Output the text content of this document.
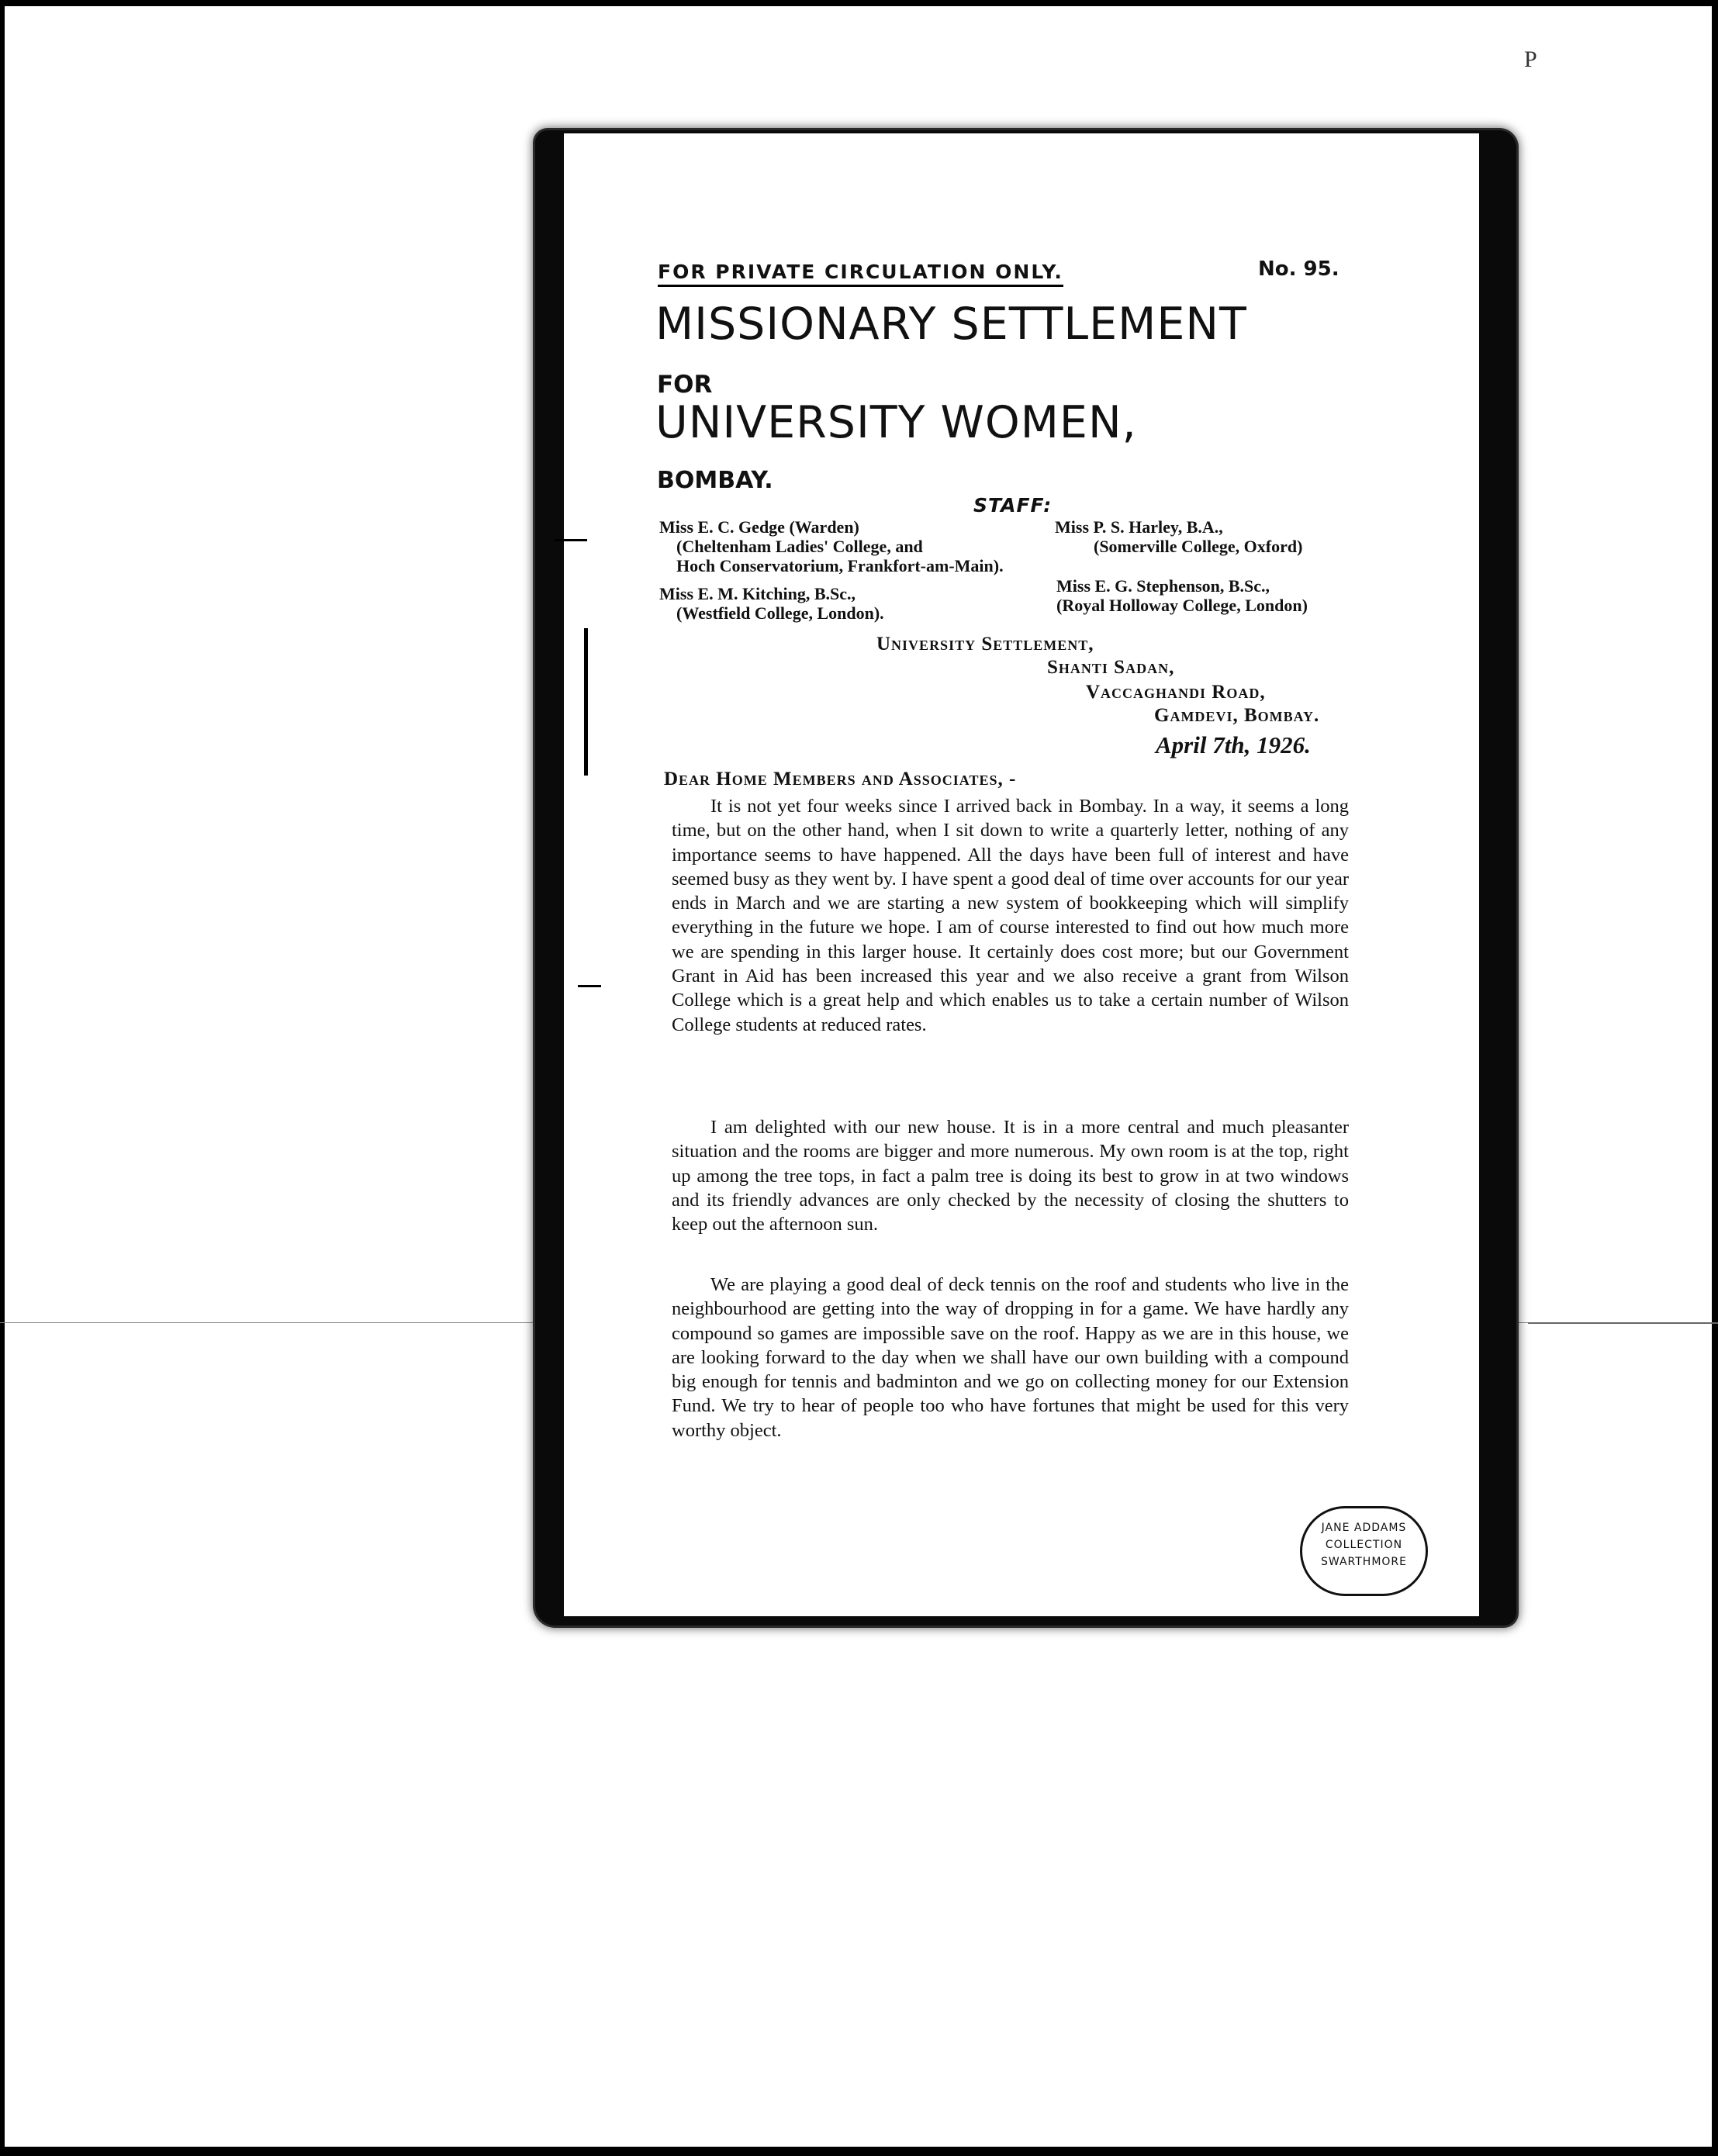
P
FOR PRIVATE CIRCULATION ONLY.	No. 95.
MISSIONARY SETTLEMENT
FOR
UNIVERSITY WOMEN,
BOMBAY.
STAFF:
Miss E. C. Gedge (Warden)
(Cheltenham Ladies' College, and
Hoch Conservatorium, Frankfort-am-Main).
Miss P. S. Harley, B.A.,
(Somerville College, Oxford)
Miss E. M. Kitching, B.Sc.,
(Westfield College, London).
Miss E. G. Stephenson, B.Sc.,
(Royal Holloway College, London)
University Settlement,
Shanti Sadan,
Vaccaghandi Road,
Gamdevi, Bombay.
April 7th, 1926.
Dear Home Members and Associates, -

It is not yet four weeks since I arrived back in Bombay. In a way, it seems a long time, but on the other hand, when I sit down to write a quarterly letter, nothing of any importance seems to have happened. All the days have been full of interest and have seemed busy as they went by. I have spent a good deal of time over accounts for our year ends in March and we are starting a new system of bookkeeping which will simplify everything in the future we hope. I am of course interested to find out how much more we are spending in this larger house. It certainly does cost more; but our Government Grant in Aid has been increased this year and we also receive a grant from Wilson College which is a great help and which enables us to take a certain number of Wilson College students at reduced rates.

I am delighted with our new house. It is in a more central and much pleasanter situation and the rooms are bigger and more numerous. My own room is at the top, right up among the tree tops, in fact a palm tree is doing its best to grow in at two windows and its friendly advances are only checked by the necessity of closing the shutters to keep out the afternoon sun.

We are playing a good deal of deck tennis on the roof and students who live in the neighbourhood are getting into the way of dropping in for a game. We have hardly any compound so games are impossible save on the roof. Happy as we are in this house, we are looking forward to the day when we shall have our own building with a compound big enough for tennis and badminton and we go on collecting money for our Extension Fund. We try to hear of people too who have fortunes that might be used for this very worthy object.

JANE ADDAMS
COLLECTION
SWARTHMORE
